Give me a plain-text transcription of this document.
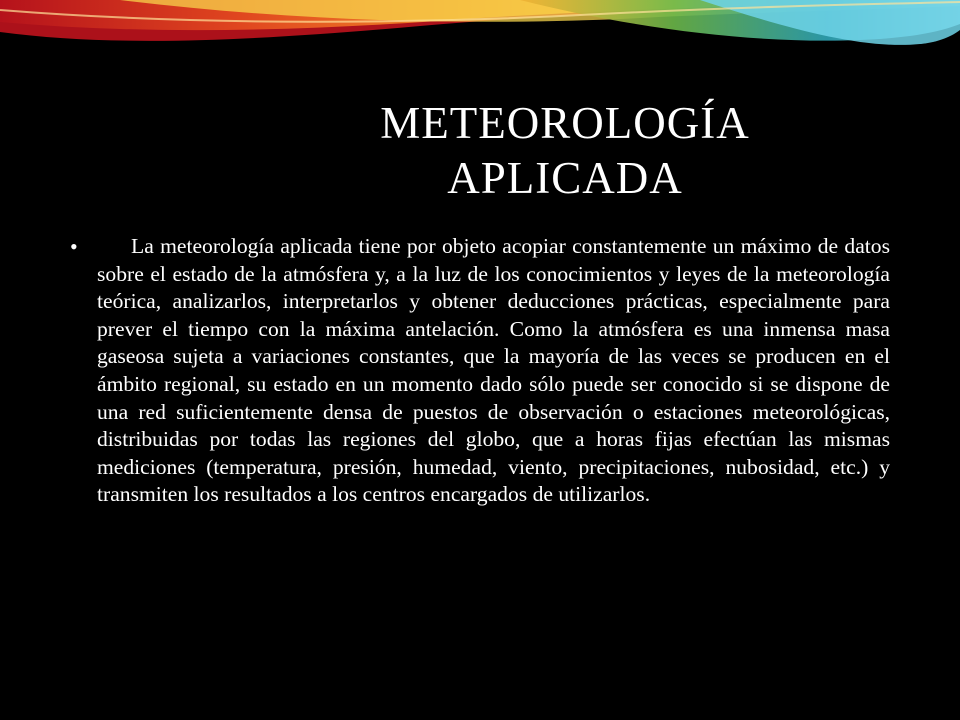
METEOROLOGÍA
APLICADA
•	La meteorología aplicada tiene por objeto acopiar constantemente un máximo de datos sobre el estado de la atmósfera y, a la luz de los conocimientos y leyes de la meteorología teórica, analizarlos, interpretarlos y obtener deducciones prácticas, especialmente para prever el tiempo con la máxima antelación. Como la atmósfera es una inmensa masa gaseosa sujeta a variaciones constantes, que la mayoría de las veces se producen en el ámbito regional, su estado en un momento dado sólo puede ser conocido si se dispone de una red suficientemente densa de puestos de observación o estaciones meteorológicas, distribuidas por todas las regiones del globo, que a horas fijas efectúan las mismas mediciones (temperatura, presión, humedad, viento, precipitaciones, nubosidad, etc.) y transmiten los resultados a los centros encargados de utilizarlos.
